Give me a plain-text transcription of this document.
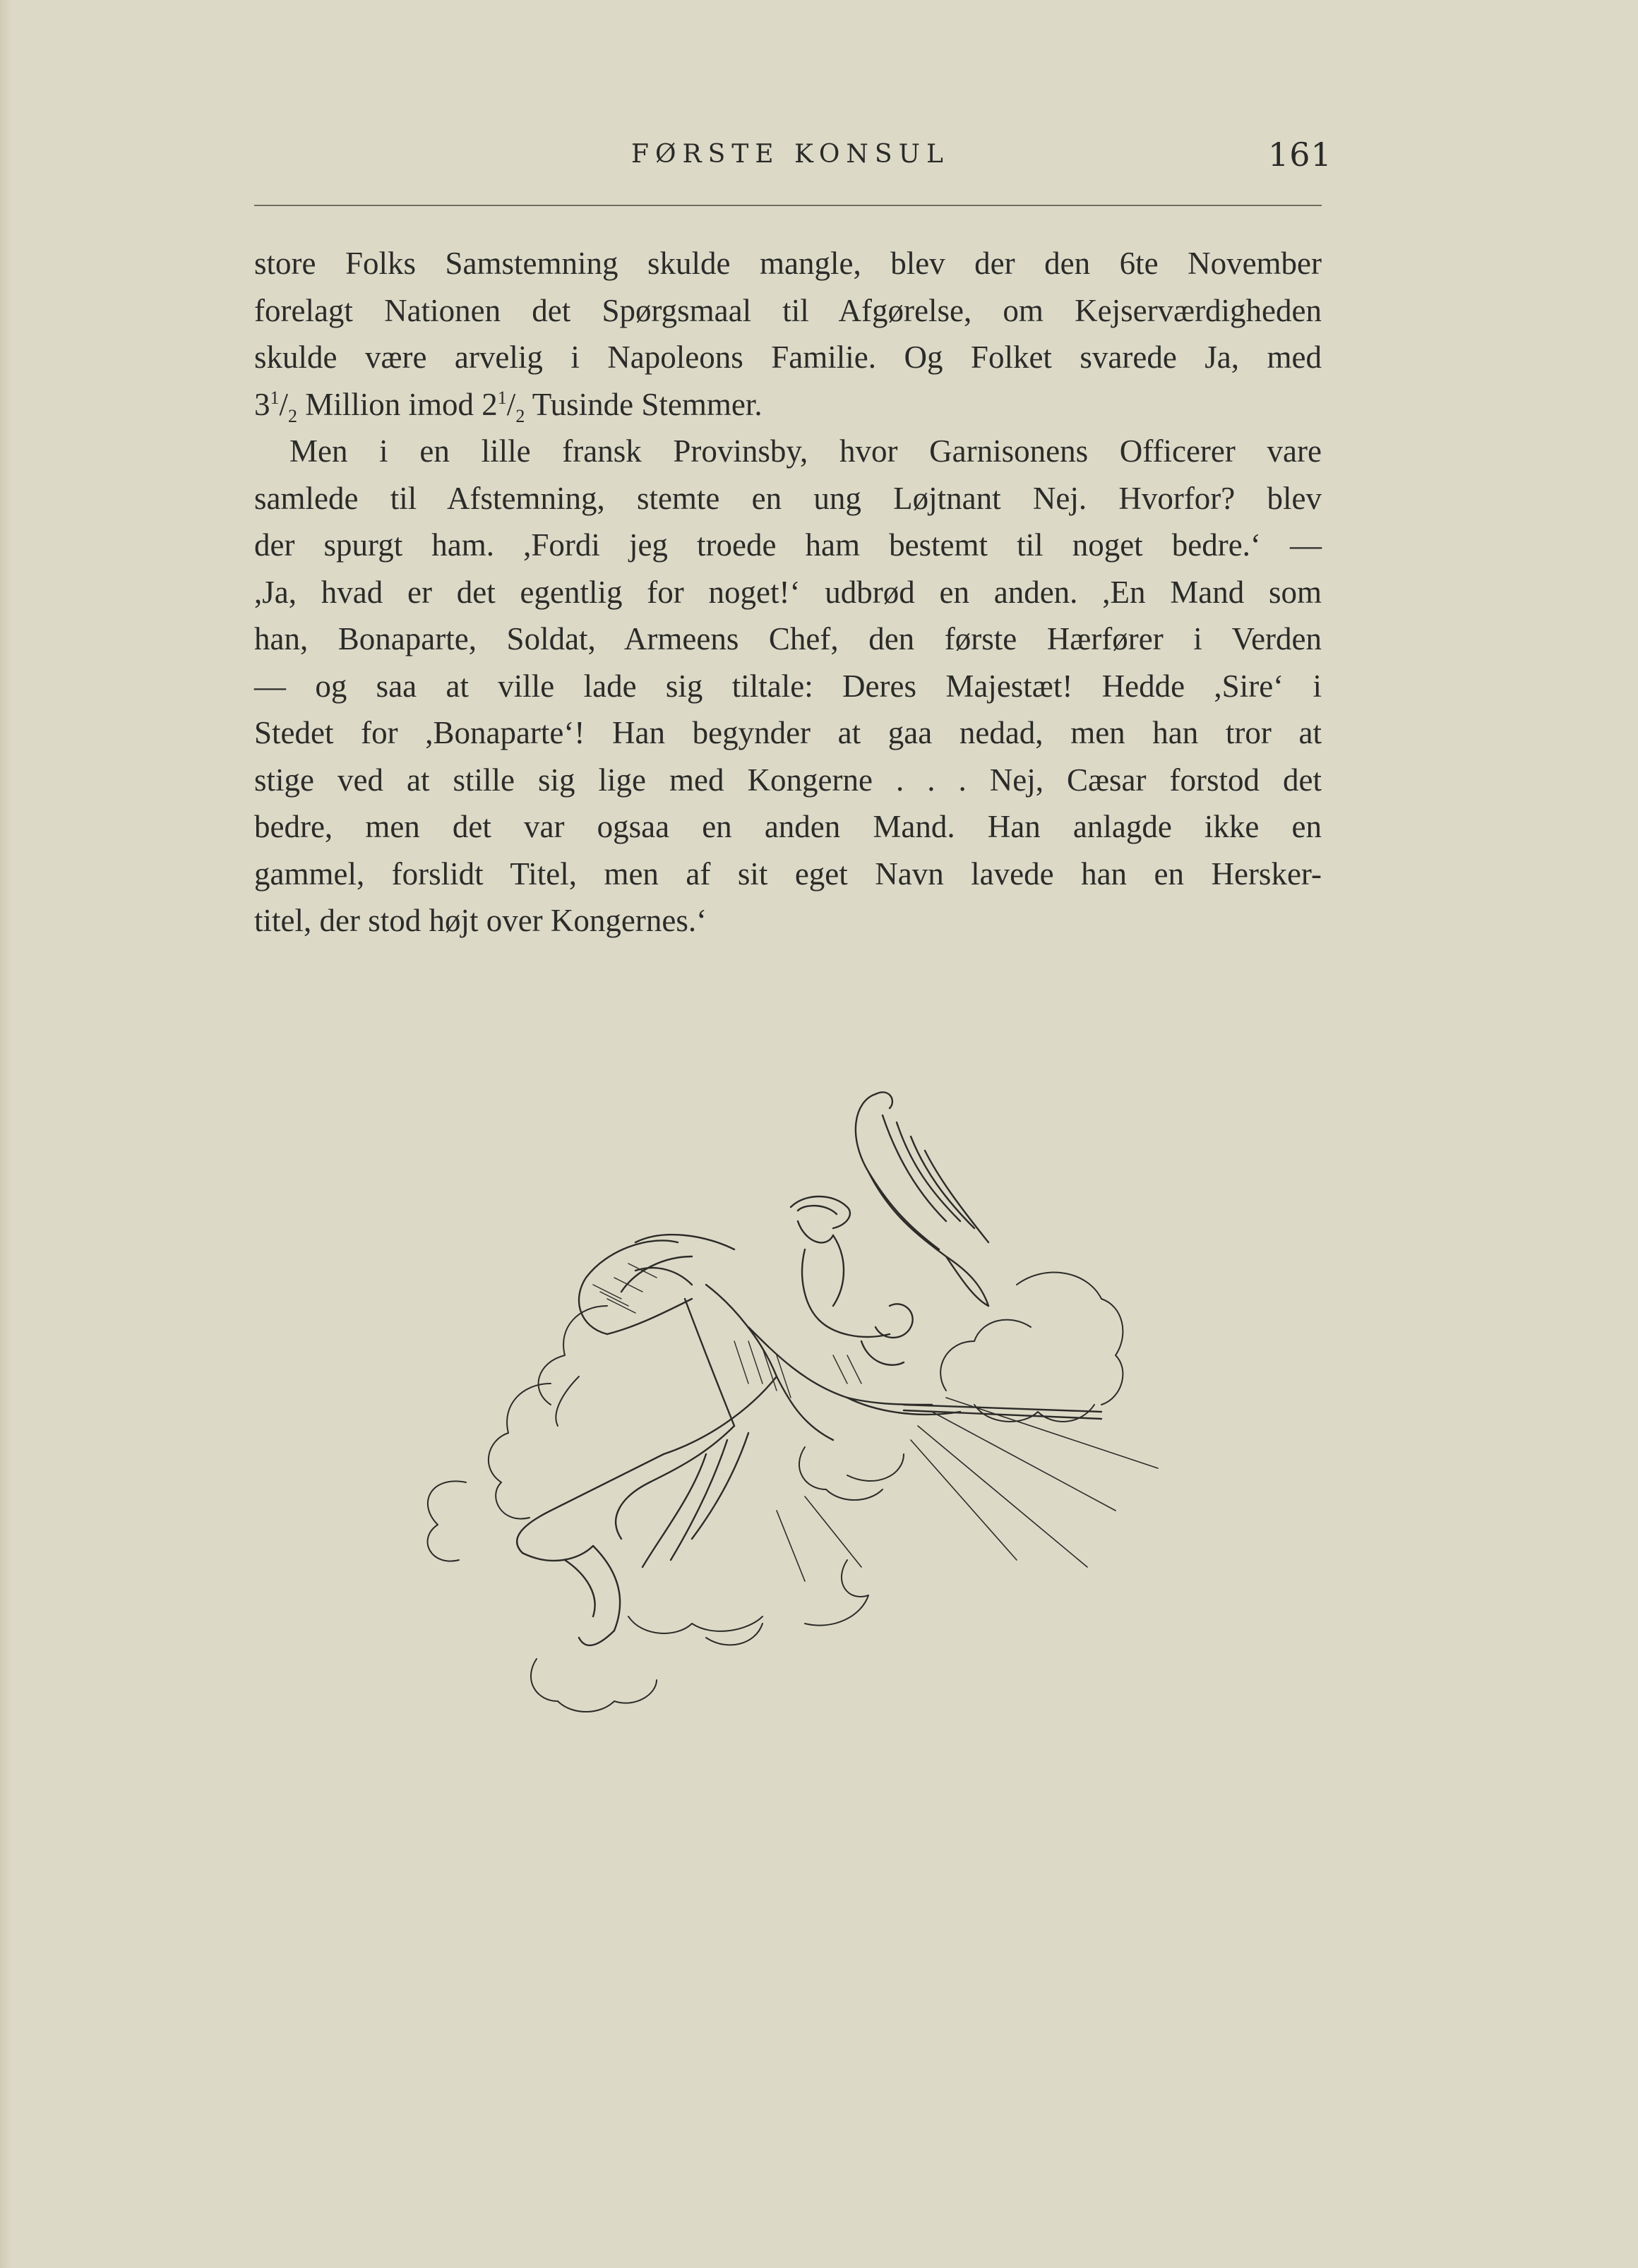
FØRSTE KONSUL	161

store Folks Samstemning skulde mangle, blev der den 6te November

forelagt Nationen det Spørgsmaal til Afgørelse, om Kejserværdigheden

skulde være arvelig i Napoleons Familie. Og Folket svarede Ja, med

$3^1/_2$ Million imod $2^1/_2$ Tusinde Stemmer.

Men i en lille fransk Provinsby, hvor Garnisonens Officerer vare

samlede til Afstemning, stemte en ung Løjtnant Nej. Hvorfor? blev

der spurgt ham. ,Fordi jeg troede ham bestemt til noget bedre.‘ —

,Ja, hvad er det egentlig for noget!‘ udbrød en anden. ,En Mand som

han, Bonaparte, Soldat, Armeens Chef, den første Hærfører i Verden

— og saa at ville lade sig tiltale: Deres Majestæt! Hedde ,Sire‘ i

Stedet for ,Bonaparte‘! Han begynder at gaa nedad, men han tror at

stige ved at stille sig lige med Kongerne . . . Nej, Cæsar forstod det

bedre, men det var ogsaa en anden Mand. Han anlagde ikke en

gammel, forslidt Titel, men af sit eget Navn lavede han en Hersker-

titel, der stod højt over Kongernes.‘
